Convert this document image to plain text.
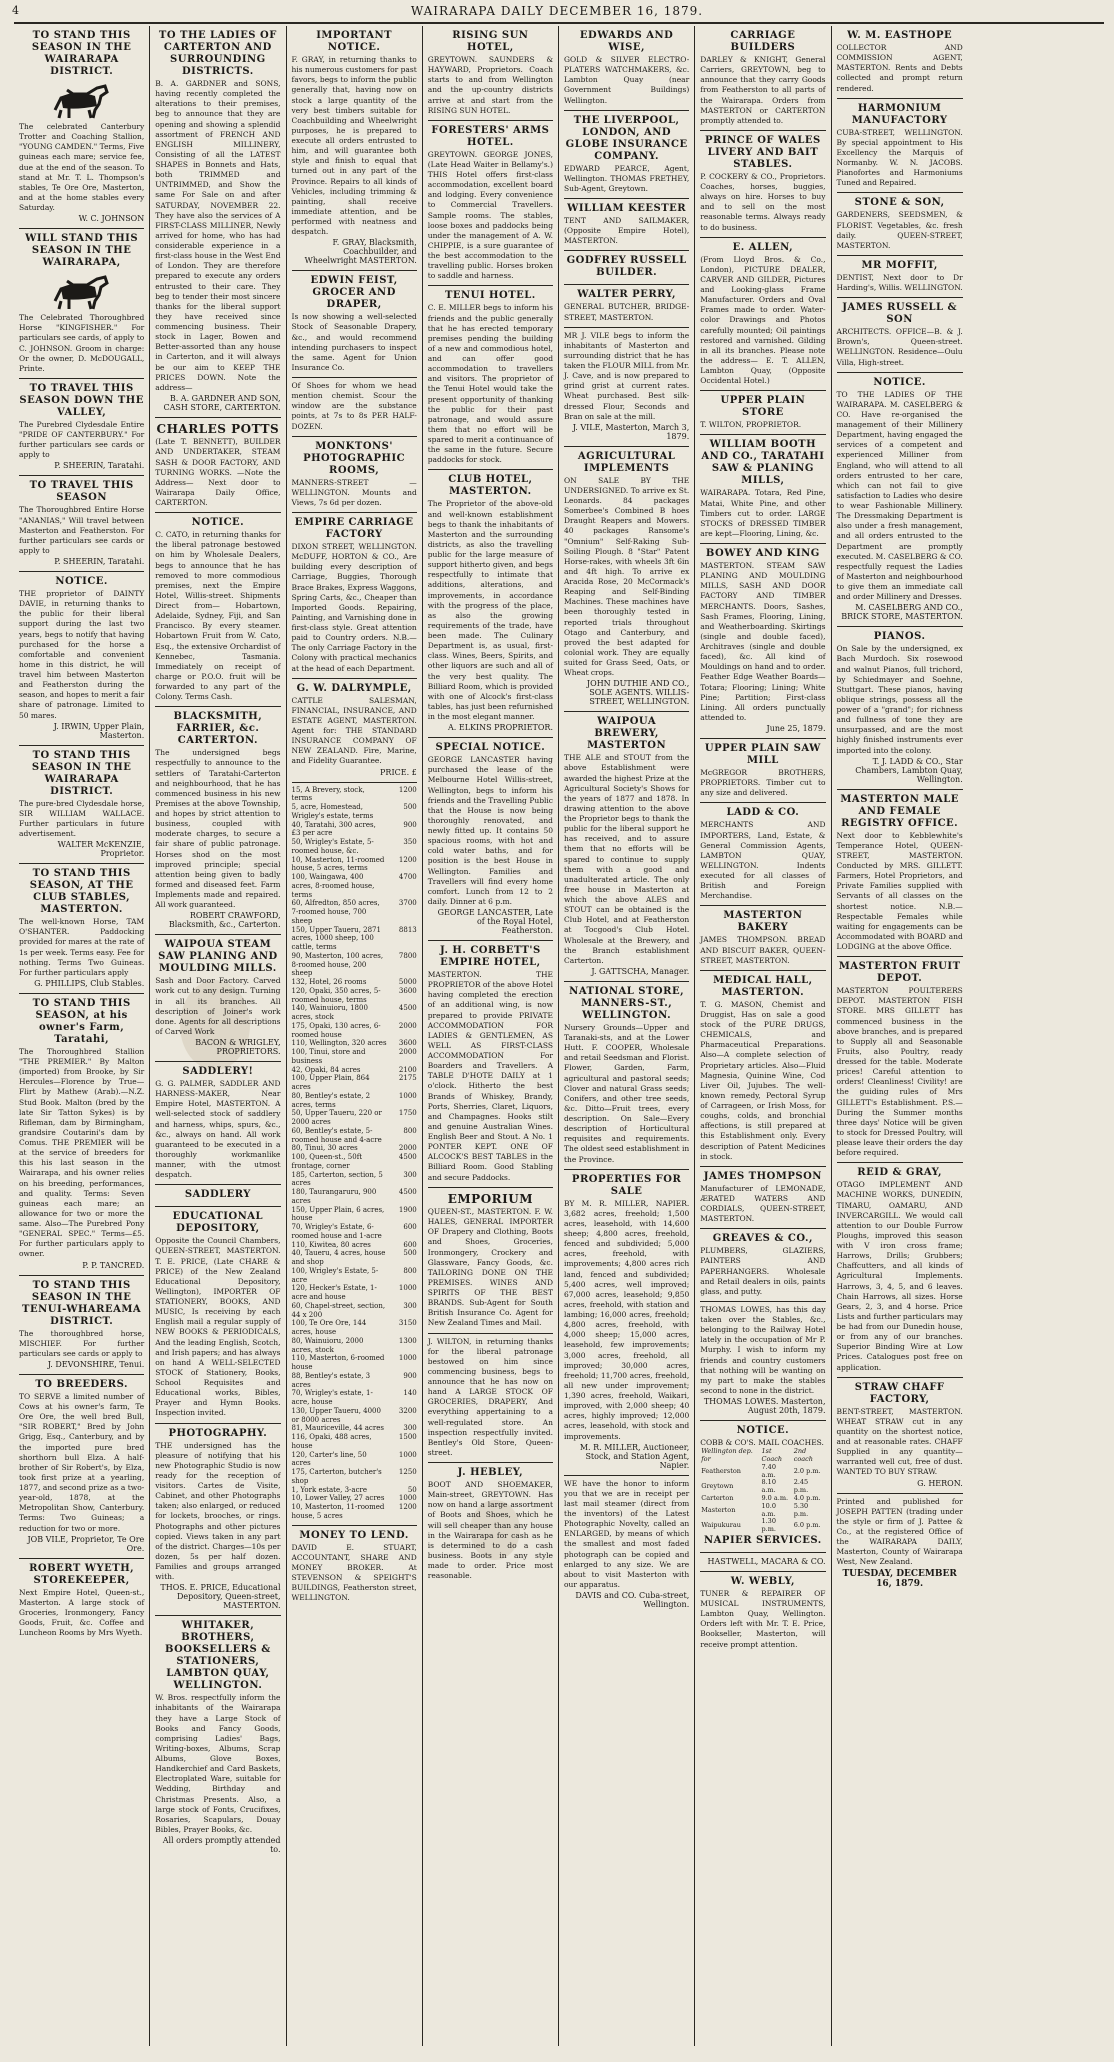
4	WAIRARAPA DAILY DECEMBER 16, 1879.
TO STAND THIS SEASON IN THE WAIRARAPA DISTRICT.

The celebrated Canterbury Trotter and Coaching Stallion, "YOUNG CAMDEN." Terms, Five guineas each mare; service fee, due at the end of the season. To stand at Mr. T. L. Thompson's stables, Te Ore Ore, Masterton, and at the home stables every Saturday.

W. C. JOHNSON
WILL STAND THIS SEASON IN THE WAIRARAPA,

The Celebrated Thoroughbred Horse "KINGFISHER." For particulars see cards, of apply to C. JOHNSON. Groom in charge: Or the owner, D. McDOUGALL, Printe.

TO TRAVEL THIS SEASON DOWN THE VALLEY,

The Purebred Clydesdale Entire "PRIDE OF CANTERBURY." For further particulars see cards or apply to

P. SHEERIN, Taratahi.
TO TRAVEL THIS SEASON

The Thoroughbred Entire Horse "ANANIAS," Will travel between Masterton and Featherston. For further particulars see cards or apply to

P. SHEERIN, Taratahi.
NOTICE.

THE proprietor of DAINTY DAVIE, in returning thanks to the public for their liberal support during the last two years, begs to notify that having purchased for the horse a comfortable and convenient home in this district, he will travel him between Masterton and Featherston during the season, and hopes to merit a fair share of patronage. Limited to 50 mares.

J. IRWIN, Upper Plain, Masterton.
TO STAND THIS SEASON IN THE WAIRARAPA DISTRICT.

The pure-bred Clydesdale horse, SIR WILLIAM WALLACE. Further particulars in future advertisement.

WALTER McKENZIE, Proprietor.
TO STAND THIS SEASON, AT THE CLUB STABLES, MASTERTON.

The well-known Horse, TAM O'SHANTER. Paddocking provided for mares at the rate of 1s per week. Terms easy. Fee for nothing. Terms Two Guineas. For further particulars apply

G. PHILLIPS, Club Stables.
TO STAND THIS SEASON, at his owner's Farm, Taratahi,

The Thoroughbred Stallion "THE PREMIER." By Malton (imported) from Brooke, by Sir Hercules—Florence by True—Flirt by Mathew (Arab).—N.Z. Stud Book. Malton (bred by the late Sir Tatton Sykes) is by Rifleman, dam by Birmingham, grandsire Coutarini's dam by Comus. THE PREMIER will be at the service of breeders for this his last season in the Wairarapa, and his owner relies on his breeding, performances, and quality. Terms: Seven guineas each mare; an allowance for two or more the same. Also—The Purebred Pony "GENERAL SPEC." Terms—£5. For further particulars apply to owner.

P. P. TANCRED.
TO STAND THIS SEASON IN THE TENUI-WHAREAMA DISTRICT.

The thoroughbred horse, MISCHIEF. For further particulars see cards or apply to

J. DEVONSHIRE, Tenui.
TO BREEDERS.

TO SERVE a limited number of Cows at his owner's farm, Te Ore Ore, the well bred Bull, "SIR ROBERT," Bred by John Grigg, Esq., Canterbury, and by the imported pure bred shorthorn bull Elza. A half-brother of Sir Robert's, by Elza, took first prize at a yearling, 1877, and second prize as a two-year-old, 1878, at the Metropolitan Show, Canterbury. Terms: Two Guineas; a reduction for two or more.

JOB VILE, Proprietor, Te Ore Ore.
ROBERT WYETH, STOREKEEPER,

Next Empire Hotel, Queen-st., Masterton. A large stock of Groceries, Ironmongery, Fancy Goods, Fruit, &c. Coffee and Luncheon Rooms by Mrs Wyeth.

TO THE LADIES OF CARTERTON AND SURROUNDING DISTRICTS.

B. A. GARDNER and SONS, having recently completed the alterations to their premises, beg to announce that they are opening and showing a splendid assortment of FRENCH AND ENGLISH MILLINERY, Consisting of all the LATEST SHAPES in Bonnets and Hats, both TRIMMED and UNTRIMMED, and Show the same For Sale on and after SATURDAY, NOVEMBER 22. They have also the services of A FIRST-CLASS MILLINER, Newly arrived for home, who has had considerable experience in a first-class house in the West End of London. They are therefore prepared to execute any orders entrusted to their care. They beg to tender their most sincere thanks for the liberal support they have received since commencing business. Their stock in Lager, Bowen and Better-assorted than any house in Carterton, and it will always be our aim to KEEP THE PRICES DOWN. Note the address—

B. A. GARDNER AND SON, CASH STORE, CARTERTON.
CHARLES POTTS

(Late T. BENNETT), BUILDER AND UNDERTAKER, STEAM SASH & DOOR FACTORY, AND TURNING WORKS. —Note the Address— Next door to Wairarapa Daily Office, CARTERTON.

NOTICE.

C. CATO, in returning thanks for the liberal patronage bestowed on him by Wholesale Dealers, begs to announce that he has removed to more commodious premises, next the Empire Hotel, Willis-street. Shipments Direct from— Hobartown, Adelaide, Sydney, Fiji, and San Francisco. By every steamer. Hobartown Fruit from W. Cato, Esq., the extensive Orchardist of Kennebec, Tasmania. Immediately on receipt of charge or P.O.O. fruit will be forwarded to any part of the Colony. Terms Cash.

BLACKSMITH, FARRIER, &c. CARTERTON.

The undersigned begs respectfully to announce to the settlers of Taratahi-Carterton and neighbourhood, that he has commenced business in his new Premises at the above Township, and hopes by strict attention to business, coupled with moderate charges, to secure a fair share of public patronage. Horses shod on the most improved principle; special attention being given to badly formed and diseased feet. Farm Implements made and repaired. All work guaranteed.

ROBERT CRAWFORD, Blacksmith, &c., Carterton.
WAIPOUA STEAM SAW PLANING AND MOULDING MILLS.

Sash and Door Factory. Carved work cut to any design. Turning in all its branches. All description of Joiner's work done. Agents for all descriptions of Carved Work

BACON & WRIGLEY, PROPRIETORS.
SADDLERY!

G. G. PALMER, SADDLER AND HARNESS-MAKER, Near Empire Hotel, MASTERTON. A well-selected stock of saddlery and harness, whips, spurs, &c., &c., always on hand. All work guaranteed to be executed in a thoroughly workmanlike manner, with the utmost despatch.

SADDLERY
EDUCATIONAL DEPOSITORY,

Opposite the Council Chambers, QUEEN-STREET, MASTERTON. T. E. PRICE, (Late CHARE & PRICE) of the New Zealand Educational Depository, Wellington), IMPORTER OF STATIONERY, BOOKS, AND MUSIC, Is receiving by each English mail a regular supply of NEW BOOKS & PERIODICALS, And the leading English, Scotch, and Irish papers; and has always on hand A WELL-SELECTED STOCK of Stationery, Books, School Requisites and Educational works, Bibles, Prayer and Hymn Books. Inspection invited.

PHOTOGRAPHY.

THE undersigned has the pleasure of notifying that his new Photographic Studio is now ready for the reception of visitors. Cartes de Visite, Cabinet, and other Photographs taken; also enlarged, or reduced for lockets, brooches, or rings. Photographs and other pictures copied. Views taken in any part of the district. Charges—10s per dozen, 5s per half dozen. Families and groups arranged with.

THOS. E. PRICE, Educational Depository, Queen-street, MASTERTON.
WHITAKER, BROTHERS, BOOKSELLERS & STATIONERS, LAMBTON QUAY, WELLINGTON.

W. Bros. respectfully inform the inhabitants of the Wairarapa they have a Large Stock of Books and Fancy Goods, comprising Ladies' Bags, Writing-boxes, Albums, Scrap Albums, Glove Boxes, Handkerchief and Card Baskets, Electroplated Ware, suitable for Wedding, Birthday and Christmas Presents. Also, a large stock of Fonts, Crucifixes, Rosaries, Scapulars, Douay Bibles, Prayer Books, &c.

All orders promptly attended to.
IMPORTANT NOTICE.

F. GRAY, in returning thanks to his numerous customers for past favors, begs to inform the public generally that, having now on stock a large quantity of the very best timbers suitable for Coachbuilding and Wheelwright purposes, he is prepared to execute all orders entrusted to him, and will guarantee both style and finish to equal that turned out in any part of the Province. Repairs to all kinds of Vehicles, including trimming & painting, shall receive immediate attention, and be performed with neatness and despatch.

F. GRAY, Blacksmith, Coachbuilder, and Wheelwright MASTERTON.
EDWIN FEIST, GROCER AND DRAPER,

Is now showing a well-selected Stock of Seasonable Drapery, &c., and would recommend intending purchasers to inspect the same. Agent for Union Insurance Co.

Of Shoes for whom we head mention chemist. Scour the window are the substance points, at 7s to 8s PER HALF-DOZEN.

MONKTONS' PHOTOGRAPHIC ROOMS,

MANNERS-STREET — WELLINGTON. Mounts and Views, 7s 6d per dozen.

EMPIRE CARRIAGE FACTORY

DIXON STREET, WELLINGTON. McDUFF, HORTON & CO., Are building every description of Carriage, Buggies, Thorough Brace Brakes, Express Waggons, Spring Carts, &c., Cheaper than Imported Goods. Repairing, Painting, and Varnishing done in first-class style. Great attention paid to Country orders. N.B.—The only Carriage Factory in the Colony with practical mechanics at the head of each Department.

G. W. DALRYMPLE,

CATTLE SALESMAN, FINANCIAL, INSURANCE, AND ESTATE AGENT, MASTERTON. Agent for: THE STANDARD INSURANCE COMPANY OF NEW ZEALAND. Fire, Marine, and Fidelity Guarantee.

PRICE. £
15, A Brevery, stock, terms	1200
5, acre, Homestead, Wrigley's estate, terms	500
40, Taratahi, 300 acres, £3 per acre	900
50, Wrigley's Estate, 5-roomed house, &c.	350
10, Masterton, 11-roomed house, 5 acres, terms	1200
100, Waingawa, 400 acres, 8-roomed house, terms	4700
60, Alfredton, 850 acres, 7-roomed house, 700 sheep	3700
150, Upper Taueru, 2871 acres, 1000 sheep, 100 cattle, terms	8813
90, Masterton, 100 acres, 8-roomed house, 200 sheep	7800
132, Hotel, 26 rooms	5000
120, Opaki, 350 acres, 5-roomed house, terms	3600
140, Wainuioru, 1800 acres, stock	4500
175, Opaki, 130 acres, 6-roomed house	2000
110, Wellington, 320 acres	3600
100, Tinui, store and business	2000
42, Opaki, 84 acres	2100
100, Upper Plain, 864 acres	2175
80, Bentley's estate, 2 acres, terms	1000
50, Upper Taueru, 220 or 2000 acres	1750
60, Bentley's estate, 5-roomed house and 4-acre	800
80, Tinui, 30 acres	2000
100, Queen-st., 50ft frontage, corner	4500
185, Carterton, section, 5 acres	300
180, Taurangaruru, 900 acres	4500
150, Upper Plain, 6 acres, house	1900
70, Wrigley's Estate, 6-roomed house and 1-acre	600
110, Kiwitea, 80 acres	600
40, Taueru, 4 acres, house and shop	500
100, Wrigley's Estate, 5-acre	800
120, Hecker's Estate, 1-acre and house	1000
60, Chapel-street, section, 44 x 200	300
100, Te Ore Ore, 144 acres, house	3150
80, Wainuioru, 2000 acres, stock	1300
110, Masterton, 6-roomed house	1000
88, Bentley's estate, 3 acres	900
70, Wrigley's estate, 1-acre, house	140
130, Upper Taueru, 4000 or 8000 acres	3200
81, Mauriceville, 44 acres	300
116, Opaki, 488 acres, house	1500
120, Carter's line, 50 acres	1000
175, Carterton, butcher's shop	1250
1, York estate, 3-acre	50
10, Lower Valley, 27 acres	1000
10, Masterton, 11-roomed house, 5 acres	1200
MONEY TO LEND.

DAVID E. STUART, ACCOUNTANT, SHARE AND MONEY BROKER. At STEVENSON & SPEIGHT'S BUILDINGS, Featherston street, WELLINGTON.

RISING SUN HOTEL,

GREYTOWN. SAUNDERS & HAYWARD, Proprietors. Coach starts to and from Wellington and the up-country districts arrive at and start from the RISING SUN HOTEL.

FORESTERS' ARMS HOTEL.

GREYTOWN. GEORGE JONES, (Late Head Waiter in Bellamy's.) THIS Hotel offers first-class accommodation, excellent board and lodging. Every convenience to Commercial Travellers. Sample rooms. The stables, loose boxes and paddocks being under the management of A. W. CHIPPIE, is a sure guarantee of the best accommodation to the travelling public. Horses broken to saddle and harness.

TENUI HOTEL.

C. E. MILLER begs to inform his friends and the public generally that he has erected temporary premises pending the building of a new and commodious hotel, and can offer good accommodation to travellers and visitors. The proprietor of the Tenui Hotel would take the present opportunity of thanking the public for their past patronage, and would assure them that no effort will be spared to merit a continuance of the same in the future. Secure paddocks for stock.

CLUB HOTEL, MASTERTON.

The Proprietor of the above-old and well-known establishment begs to thank the inhabitants of Masterton and the surrounding districts, as also the travelling public for the large measure of support hitherto given, and begs respectfully to intimate that additions, alterations, and improvements, in accordance with the progress of the place, as also the growing requirements of the trade, have been made. The Culinary Department is, as usual, first-class. Wines, Beers, Spirits, and other liquors are such and all of the very best quality. The Billiard Room, which is provided with one of Alcock's first-class tables, has just been refurnished in the most elegant manner.

A. ELKINS PROPRIETOR.
SPECIAL NOTICE.

GEORGE LANCASTER having purchased the lease of the Melbourne Hotel Willis-street, Wellington, begs to inform his friends and the Travelling Public that the House is now being thoroughly renovated, and newly fitted up. It contains 50 spacious rooms, with hot and cold water baths, and for position is the best House in Wellington. Families and Travellers will find every home comfort. Lunch from 12 to 2 daily. Dinner at 6 p.m.

GEORGE LANCASTER, Late of the Royal Hotel, Featherston.
J. H. CORBETT'S EMPIRE HOTEL,

MASTERTON. THE PROPRIETOR of the above Hotel having completed the erection of an additional wing, is now prepared to provide PRIVATE ACCOMMODATION FOR LADIES & GENTLEMEN, AS WELL AS FIRST-CLASS ACCOMMODATION For Boarders and Travellers. A TABLE D'HOTE DAILY at 1 o'clock. Hitherto the best Brands of Whiskey, Brandy, Ports, Sherries, Claret, Liquors, and Champagnes. Hooks stilt and genuine Australian Wines. English Beer and Stout. A No. 1 PONTER KEPT. ONE OF ALCOCK'S BEST TABLES in the Billiard Room. Good Stabling and secure Paddocks.

EMPORIUM

QUEEN-ST., MASTERTON. F. W. HALES, GENERAL IMPORTER OF Drapery and Clothing, Boots and Shoes, Groceries, Ironmongery, Crockery and Glassware, Fancy Goods, &c. TAILORING DONE ON THE PREMISES. WINES AND SPIRITS OF THE BEST BRANDS. Sub-Agent for South British Insurance Co. Agent for New Zealand Times and Mail.

J. WILTON, in returning thanks for the liberal patronage bestowed on him since commencing business, begs to announce that he has now on hand A LARGE STOCK OF GROCERIES, DRAPERY, And everything appertaining to a well-regulated store. An inspection respectfully invited. Bentley's Old Store, Queen-street.

J. HEBLEY,

BOOT AND SHOEMAKER, Main-street, GREYTOWN. Has now on hand a large assortment of Boots and Shoes, which he will sell cheaper than any house in the Wairarapa for cash as he is determined to do a cash business. Boots in any style made to order. Price most reasonable.

EDWARDS AND WISE,

GOLD & SILVER ELECTRO-PLATERS WATCHMAKERS, &c. Lambton Quay (near Government Buildings) Wellington.

THE LIVERPOOL, LONDON, AND GLOBE INSURANCE COMPANY.

EDWARD PEARCE, Agent, Wellington. THOMAS FRETHEY, Sub-Agent, Greytown.

WILLIAM KEESTER

TENT AND SAILMAKER, (Opposite Empire Hotel), MASTERTON.

GODFREY RUSSELL BUILDER.
WALTER PERRY,

GENERAL BUTCHER, BRIDGE-STREET, MASTERTON.

MR J. VILE begs to inform the inhabitants of Masterton and surrounding district that he has taken the FLOUR MILL from Mr. J. Cave, and is now prepared to grind grist at current rates. Wheat purchased. Best silk-dressed Flour, Seconds and Bran on sale at the mill.

J. VILE, Masterton, March 3, 1879.
AGRICULTURAL IMPLEMENTS

ON SALE BY THE UNDERSIGNED. To arrive ex St. Leonards. 84 packages Somerbee's Combined B hoes Draught Reapers and Mowers. 40 packages Ransome's "Omnium" Self-Raking Sub-Soiling Plough. 8 "Star" Patent Horse-rakes, with wheels 3ft 6in and 4ft high. To arrive ex Aracida Rose, 20 McCormack's Reaping and Self-Binding Machines. These machines have been thoroughly tested in reported trials throughout Otago and Canterbury, and proved the best adapted for colonial work. They are equally suited for Grass Seed, Oats, or Wheat crops.

JOHN DUTHIE AND CO., SOLE AGENTS. WILLIS-STREET, WELLINGTON.
WAIPOUA BREWERY, MASTERTON

THE ALE and STOUT from the above Establishment were awarded the highest Prize at the Agricultural Society's Shows for the years of 1877 and 1878. In drawing attention to the above the Proprietor begs to thank the public for the liberal support he has received, and to assure them that no efforts will be spared to continue to supply them with a good and unadulterated article. The only free house in Masterton at which the above ALES and STOUT can be obtained is the Club Hotel, and at Featherston at Tocgood's Club Hotel. Wholesale at the Brewery, and the Branch establishment Carterton.

J. GATTSCHA, Manager.
NATIONAL STORE, MANNERS-ST., WELLINGTON.

Nursery Grounds—Upper and Taranaki-sts, and at the Lower Hutt. F. COOPER, Wholesale and retail Seedsman and Florist. Flower, Garden, Farm, agricultural and pastoral seeds; Clover and natural Grass seeds; Conifers, and other tree seeds, &c. Ditto—Fruit trees, every description. On Sale—Every description of Horticultural requisites and requirements. The oldest seed establishment in the Province.

PROPERTIES FOR SALE

BY M. R. MILLER, NAPIER. 3,682 acres, freehold; 1,500 acres, leasehold, with 14,600 sheep; 4,800 acres, freehold, fenced and subdivided; 5,000 acres, freehold, with improvements; 4,800 acres rich land, fenced and subdivided; 5,400 acres, well improved; 67,000 acres, leasehold; 9,850 acres, freehold, with station and lambing; 16,000 acres, freehold; 4,800 acres, freehold, with 4,000 sheep; 15,000 acres, leasehold, few improvements; 3,000 acres, freehold, all improved; 30,000 acres, freehold; 11,700 acres, freehold, all new under improvement; 1,390 acres, freehold, Waikari, improved, with 2,000 sheep; 40 acres, highly improved; 12,000 acres, leasehold, with stock and improvements.

M. R. MILLER, Auctioneer, Stock, and Station Agent, Napier.

WE have the honor to inform you that we are in receipt per last mail steamer (direct from the inventors) of the Latest Photographic Novelty, called an ENLARGED, by means of which the smallest and most faded photograph can be copied and enlarged to any size. We are about to visit Masterton with our apparatus.

DAVIS and CO. Cuba-street, Wellington.
CARRIAGE BUILDERS

DARLEY & KNIGHT, General Carriers, GREYTOWN, beg to announce that they carry Goods from Featherston to all parts of the Wairarapa. Orders from MASTERTON or CARTERTON promptly attended to.

PRINCE OF WALES LIVERY AND BAIT STABLES.

P. COCKERY & CO., Proprietors. Coaches, horses, buggies, always on hire. Horses to buy and to sell on the most reasonable terms. Always ready to do business.

E. ALLEN,

(From Lloyd Bros. & Co., London), PICTURE DEALER, CARVER AND GILDER, Pictures and Looking-glass Frame Manufacturer. Orders and Oval Frames made to order. Water-color Drawings and Photos carefully mounted; Oil paintings restored and varnished. Gilding in all its branches. Please note the address— E. T. ALLEN, Lambton Quay, (Opposite Occidental Hotel.)

UPPER PLAIN STORE

T. WILTON, PROPRIETOR.

WILLIAM BOOTH AND CO., TARATAHI SAW & PLANING MILLS,

WAIRARAPA. Totara, Red Pine, Matai, White Pine, and other Timbers cut to order. LARGE STOCKS of DRESSED TIMBER are kept—Flooring, Lining, &c.

BOWEY AND KING

MASTERTON. STEAM SAW PLANING AND MOULDING MILLS, SASH AND DOOR FACTORY AND TIMBER MERCHANTS. Doors, Sashes, Sash Frames, Flooring, Lining, and Weatherboarding. Skirtings (single and double faced), Architraves (single and double faced), &c. All kind of Mouldings on hand and to order. Feather Edge Weather Boards—Totara; Flooring; Lining; White Pine; Partition; First-class Lining. All orders punctually attended to.

June 25, 1879.
UPPER PLAIN SAW MILL

McGREGOR BROTHERS, PROPRIETORS. Timber cut to any size and delivered.

LADD & CO.

MERCHANTS AND IMPORTERS, Land, Estate, & General Commission Agents, LAMBTON QUAY, WELLINGTON. Indents executed for all classes of British and Foreign Merchandise.

MASTERTON BAKERY

JAMES THOMPSON. BREAD AND BISCUIT BAKER, QUEEN-STREET, MASTERTON.

MEDICAL HALL, MASTERTON.

T. G. MASON, Chemist and Druggist, Has on sale a good stock of the PURE DRUGS, CHEMICALS, and Pharmaceutical Preparations. Also—A complete selection of Proprietary articles. Also—Fluid Magnesia, Quinine Wine, Cod Liver Oil, Jujubes. The well-known remedy, Pectoral Syrup of Carrageen, or Irish Moss, for coughs, colds, and bronchial affections, is still prepared at this Establishment only. Every description of Patent Medicines in stock.

JAMES THOMPSON

Manufacturer of LEMONADE, ÆRATED WATERS AND CORDIALS, QUEEN-STREET, MASTERTON.

GREAVES & CO.,

PLUMBERS, GLAZIERS, PAINTERS AND PAPERHANGERS. Wholesale and Retail dealers in oils, paints glass, and putty.

THOMAS LOWES, has this day taken over the Stables, &c., belonging to the Railway Hotel lately in the occupation of Mr P. Murphy. I wish to inform my friends and country customers that nothing will be wanting on my part to make the stables second to none in the district.

THOMAS LOWES. Masterton, August 20th, 1879.
NOTICE.

COBB & CO'S. MAIL COACHES.

Wellington dep. for	1st Coach	2nd coach
Featherston	7.40 a.m.	2.0 p.m.
Greytown	8.10 a.m.	2.45 p.m.
Carterton	9.0 a.m.	4.0 p.m.
Masterton	10.0 a.m.	5.30 p.m.
Waipukurau	1.30 p.m.	6.0 p.m.
NAPIER SERVICES.
HASTWELL, MACARA & CO.
W. WEBLY,

TUNER & REPAIRER OF MUSICAL INSTRUMENTS, Lambton Quay, Wellington. Orders left with Mr. T. E. Price, Bookseller, Masterton, will receive prompt attention.

W. M. EASTHOPE

COLLECTOR AND COMMISSION AGENT, MASTERTON. Rents and Debts collected and prompt return rendered.

HARMONIUM MANUFACTORY

CUBA-STREET, WELLINGTON. By special appointment to His Excellency the Marquis of Normanby. W. N. JACOBS. Pianofortes and Harmoniums Tuned and Repaired.

STONE & SON,

GARDENERS, SEEDSMEN, & FLORIST. Vegetables, &c. fresh daily. QUEEN-STREET, MASTERTON.

MR MOFFIT,

DENTIST, Next door to Dr Harding's, Willis. WELLINGTON.

JAMES RUSSELL & SON

ARCHITECTS. OFFICE—B. & J. Brown's, Queen-street. WELLINGTON. Residence—Oulu Villa, High-street.

NOTICE.

TO THE LADIES OF THE WAIRARAPA. M. CASELBERG & CO. Have re-organised the management of their Millinery Department, having engaged the services of a competent and experienced Milliner from England, who will attend to all orders entrusted to her care, which can not fail to give satisfaction to Ladies who desire to wear Fashionable Millinery. The Dressmaking Department is also under a fresh management, and all orders entrusted to the Department are promptly executed. M. CASELBERG & CO. respectfully request the Ladies of Masterton and neighbourhood to give them an immediate call and order Millinery and Dresses.

M. CASELBERG AND CO., BRICK STORE, MASTERTON.
PIANOS.

On Sale by the undersigned, ex Bach Murdoch. Six rosewood and walnut Pianos, full trichord, by Schiedmayer and Soehne, Stuttgart. These pianos, having oblique strings, possess all the power of a "grand"; for richness and fullness of tone they are unsurpassed, and are the most highly finished instruments ever imported into the colony.

T. J. LADD & CO., Star Chambers, Lambton Quay, Wellington.
MASTERTON MALE AND FEMALE REGISTRY OFFICE.

Next door to Kebblewhite's Temperance Hotel, QUEEN-STREET, MASTERTON. Conducted by MRS. GILLETT. Farmers, Hotel Proprietors, and Private Families supplied with Servants of all classes on the shortest notice. N.B.—Respectable Females while waiting for engagements can be Accommodated with BOARD and LODGING at the above Office.

MASTERTON FRUIT DEPOT.

MASTERTON POULTERERS DEPOT. MASTERTON FISH STORE. MRS GILLETT has commenced business in the above branches, and is prepared to Supply all and Seasonable Fruits, also Poultry, ready dressed for the table. Moderate prices! Careful attention to orders! Cleanliness! Civility! are the guiding rules of Mrs GILLETT's Establishment. P.S.—During the Summer months three days' Notice will be given to stock for Dressed Poultry, will please leave their orders the day before required.

REID & GRAY,

OTAGO IMPLEMENT AND MACHINE WORKS, DUNEDIN, TIMARU, OAMARU, AND INVERCARGILL. We would call attention to our Double Furrow Ploughs, improved this season with V iron cross frame; Harrows, Drills; Grubbers; Chaffcutters, and all kinds of Agricultural Implements. Harrows, 3, 4, 5, and 6 leaves. Chain Harrows, all sizes. Horse Gears, 2, 3, and 4 horse. Price Lists and further particulars may be had from our Dunedin house, or from any of our branches. Superior Binding Wire at Low Prices. Catalogues post free on application.

STRAW CHAFF FACTORY,

BENT-STREET, MASTERTON. WHEAT STRAW cut in any quantity on the shortest notice, and at reasonable rates. CHAFF Supplied in any quantity—warranted well cut, free of dust. WANTED TO BUY STRAW.

G. HERON.

Printed and published for JOSEPH PATTEN (trading under the style or firm of J. Pattee & Co., at the registered Office of the WAIRARAPA DAILY, Masterton, County of Wairarapa West, New Zealand.

TUESDAY, DECEMBER 16, 1879.
